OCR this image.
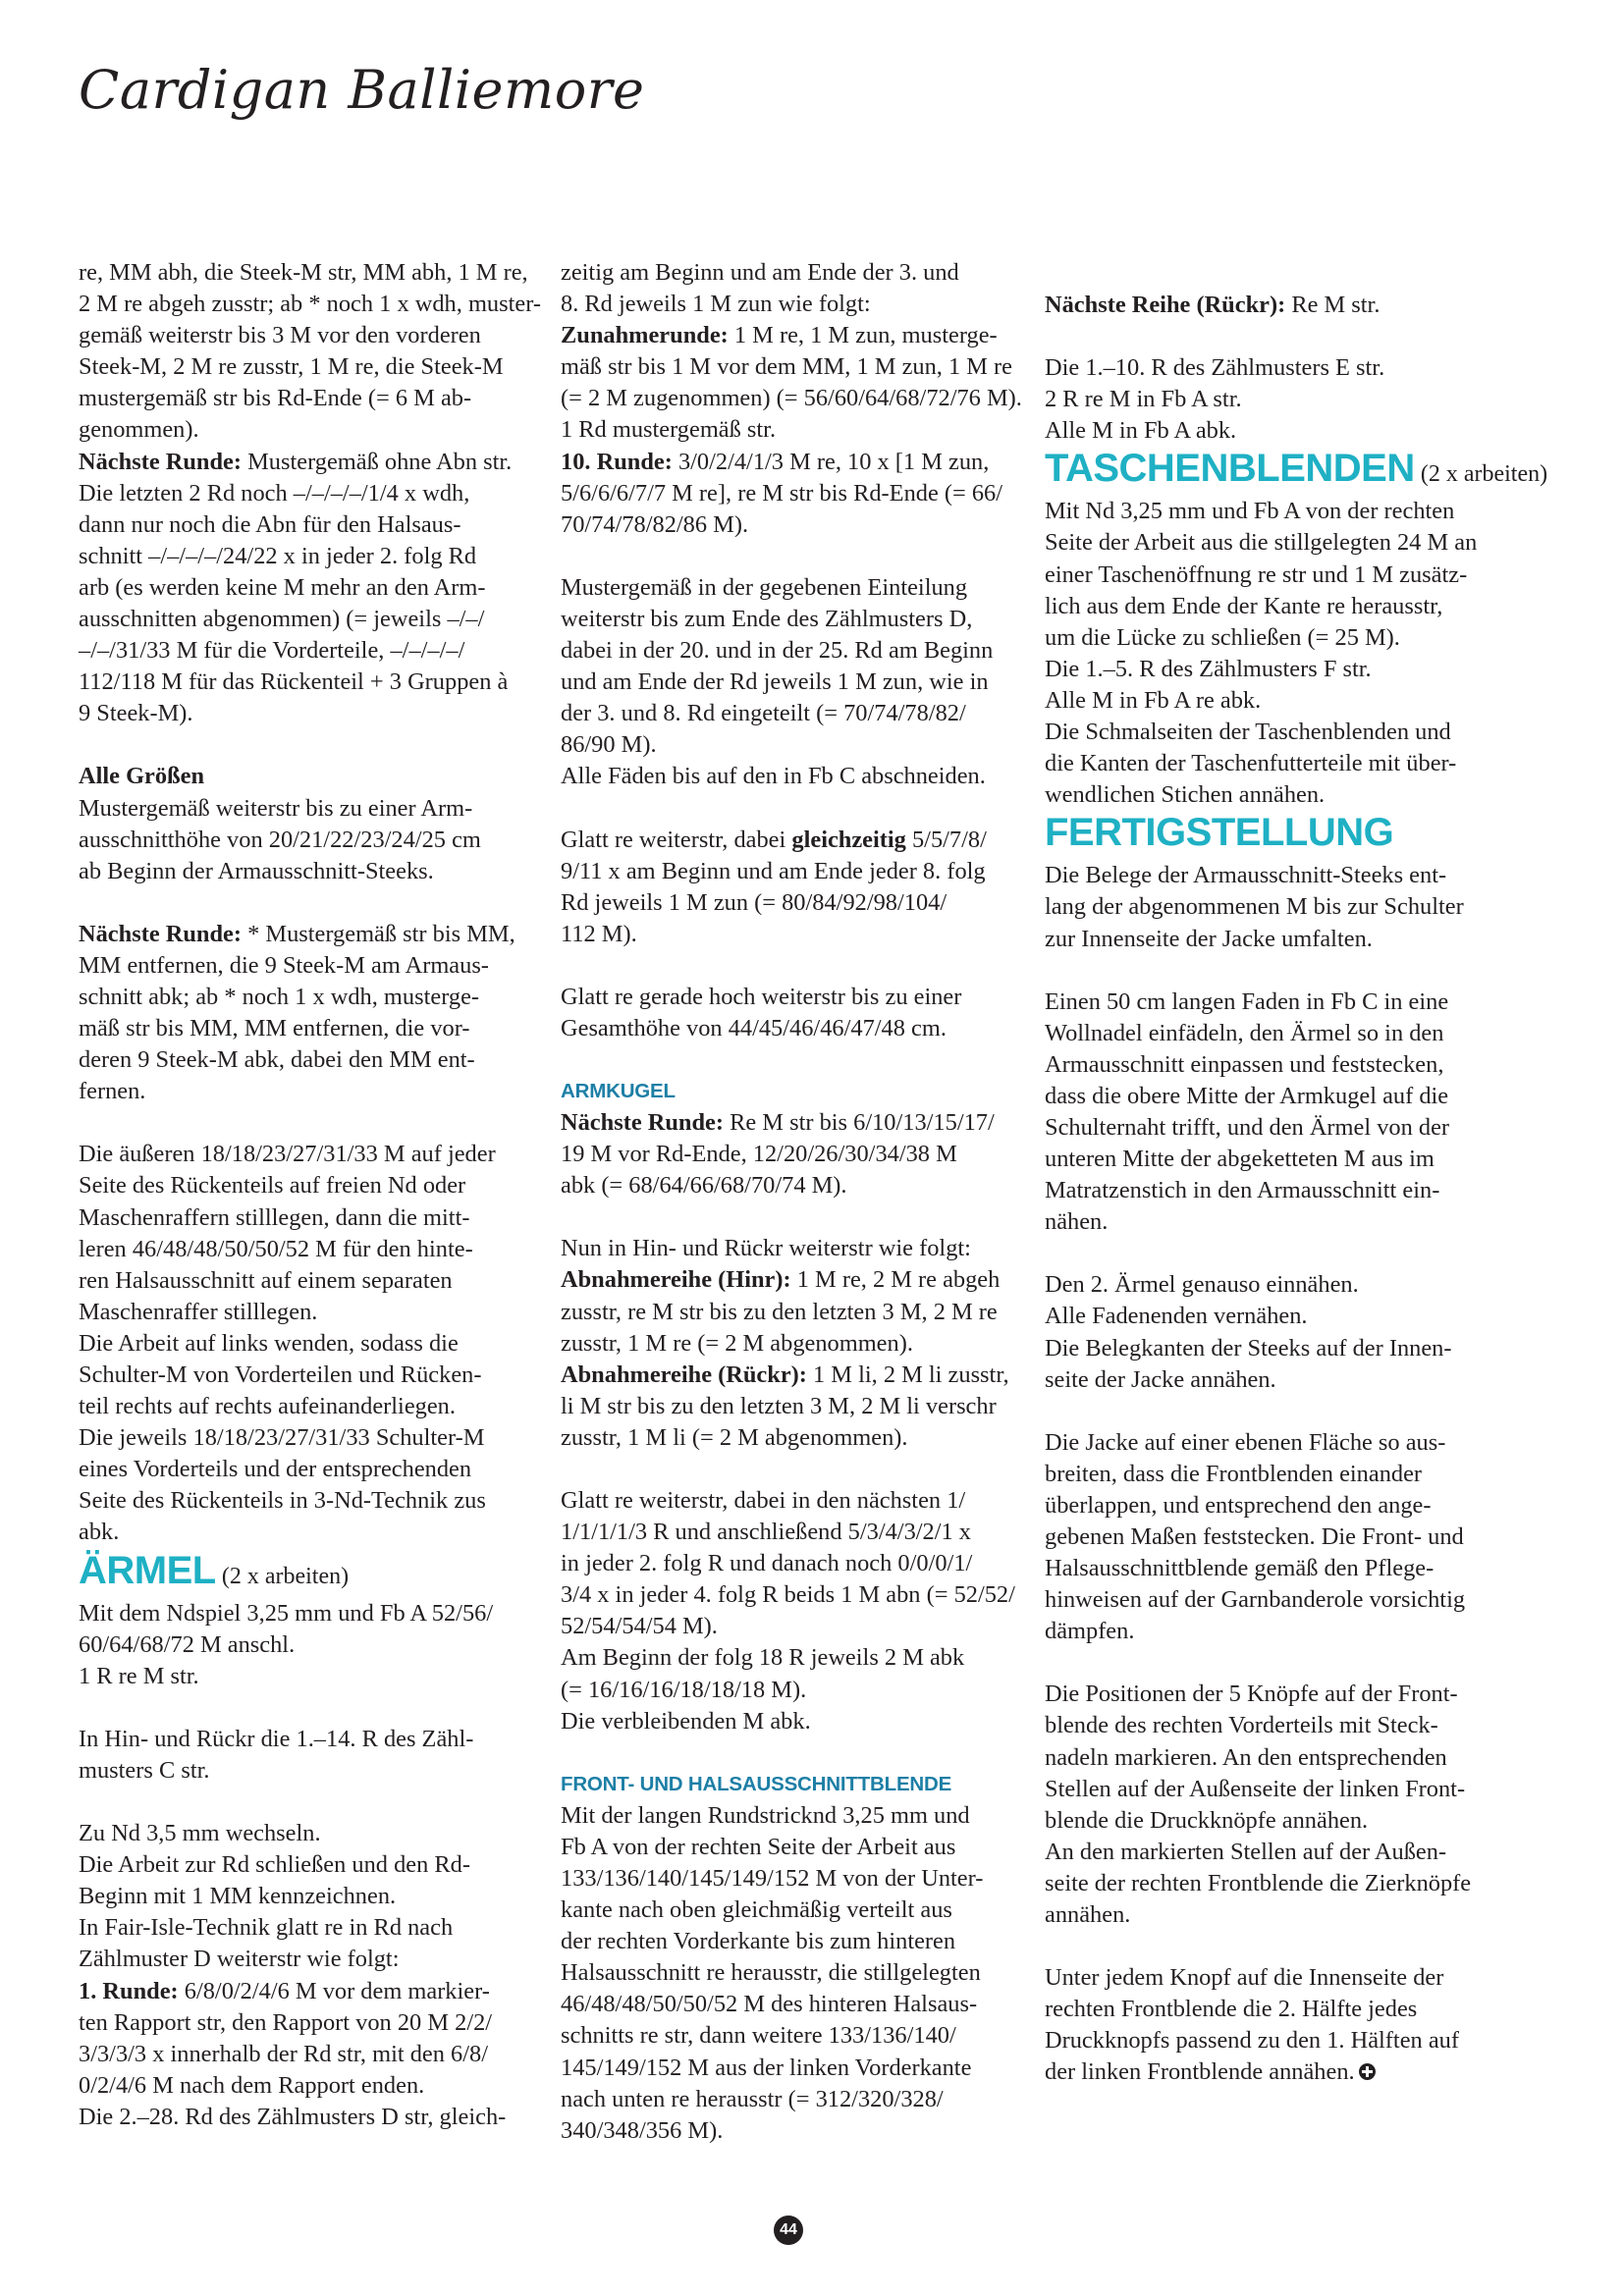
Cardigan Balliemore

re, MM abh, die Steek-M str, MM abh, 1 M re,
2 M re abgeh zusstr; ab * noch 1 x wdh, muster-
gemäß weiterstr bis 3 M vor den vorderen
Steek-M, 2 M re zusstr, 1 M re, die Steek-M
mustergemäß str bis Rd-Ende (= 6 M ab-
genommen).
Nächste Runde: Mustergemäß ohne Abn str.
Die letzten 2 Rd noch –/–/–/–/1/4 x wdh,
dann nur noch die Abn für den Halsaus-
schnitt –/–/–/–/24/22 x in jeder 2. folg Rd
arb (es werden keine M mehr an den Arm-
ausschnitten abgenommen) (= jeweils –/–/
–/–/31/33 M für die Vorderteile, –/–/–/–/
112/118 M für das Rückenteil + 3 Gruppen à
9 Steek-M).

Alle Größen
Mustergemäß weiterstr bis zu einer Arm-
ausschnitthöhe von 20/21/22/23/24/25 cm
ab Beginn der Armausschnitt-Steeks.

Nächste Runde: * Mustergemäß str bis MM,
MM entfernen, die 9 Steek-M am Armaus-
schnitt abk; ab * noch 1 x wdh, musterge-
mäß str bis MM, MM entfernen, die vor-
deren 9 Steek-M abk, dabei den MM ent-
fernen.

Die äußeren 18/18/23/27/31/33 M auf jeder
Seite des Rückenteils auf freien Nd oder
Maschenraffern stilllegen, dann die mitt-
leren 46/48/48/50/50/52 M für den hinte-
ren Halsausschnitt auf einem separaten
Maschenraffer stilllegen.
Die Arbeit auf links wenden, sodass die
Schulter-M von Vorderteilen und Rücken-
teil rechts auf rechts aufeinanderliegen.
Die jeweils 18/18/23/27/31/33 Schulter-M
eines Vorderteils und der entsprechenden
Seite des Rückenteils in 3-Nd-Technik zus
abk.

ÄRMEL (2 x arbeiten)

Mit dem Ndspiel 3,25 mm und Fb A 52/56/
60/64/68/72 M anschl.
1 R re M str.

In Hin- und Rückr die 1.–14. R des Zähl-
musters C str.

Zu Nd 3,5 mm wechseln.
Die Arbeit zur Rd schließen und den Rd-
Beginn mit 1 MM kennzeichnen.
In Fair-Isle-Technik glatt re in Rd nach
Zählmuster D weiterstr wie folgt:
1. Runde: 6/8/0/2/4/6 M vor dem markier-
ten Rapport str, den Rapport von 20 M 2/2/
3/3/3/3 x innerhalb der Rd str, mit den 6/8/
0/2/4/6 M nach dem Rapport enden.
Die 2.–28. Rd des Zählmusters D str, gleich-

zeitig am Beginn und am Ende der 3. und
8. Rd jeweils 1 M zun wie folgt:
Zunahmerunde: 1 M re, 1 M zun, musterge-
mäß str bis 1 M vor dem MM, 1 M zun, 1 M re
(= 2 M zugenommen) (= 56/60/64/68/72/76 M).
1 Rd mustergemäß str.
10. Runde: 3/0/2/4/1/3 M re, 10 x [1 M zun,
5/6/6/6/7/7 M re], re M str bis Rd-Ende (= 66/
70/74/78/82/86 M).

Mustergemäß in der gegebenen Einteilung
weiterstr bis zum Ende des Zählmusters D,
dabei in der 20. und in der 25. Rd am Beginn
und am Ende der Rd jeweils 1 M zun, wie in
der 3. und 8. Rd eingeteilt (= 70/74/78/82/
86/90 M).
Alle Fäden bis auf den in Fb C abschneiden.

Glatt re weiterstr, dabei gleichzeitig 5/5/7/8/
9/11 x am Beginn und am Ende jeder 8. folg
Rd jeweils 1 M zun (= 80/84/92/98/104/
112 M).

Glatt re gerade hoch weiterstr bis zu einer
Gesamthöhe von 44/45/46/46/47/48 cm.

ARMKUGEL

Nächste Runde: Re M str bis 6/10/13/15/17/
19 M vor Rd-Ende, 12/20/26/30/34/38 M
abk (= 68/64/66/68/70/74 M).

Nun in Hin- und Rückr weiterstr wie folgt:
Abnahmereihe (Hinr): 1 M re, 2 M re abgeh
zusstr, re M str bis zu den letzten 3 M, 2 M re
zusstr, 1 M re (= 2 M abgenommen).
Abnahmereihe (Rückr): 1 M li, 2 M li zusstr,
li M str bis zu den letzten 3 M, 2 M li verschr
zusstr, 1 M li (= 2 M abgenommen).

Glatt re weiterstr, dabei in den nächsten 1/
1/1/1/1/3 R und anschließend 5/3/4/3/2/1 x
in jeder 2. folg R und danach noch 0/0/0/1/
3/4 x in jeder 4. folg R beids 1 M abn (= 52/52/
52/54/54/54 M).
Am Beginn der folg 18 R jeweils 2 M abk
(= 16/16/16/18/18/18 M).
Die verbleibenden M abk.

FRONT- UND HALSAUSSCHNITTBLENDE

Mit der langen Rundstricknd 3,25 mm und
Fb A von der rechten Seite der Arbeit aus
133/136/140/145/149/152 M von der Unter-
kante nach oben gleichmäßig verteilt aus
der rechten Vorderkante bis zum hinteren
Halsausschnitt re herausstr, die stillgelegten
46/48/48/50/50/52 M des hinteren Halsaus-
schnitts re str, dann weitere 133/136/140/
145/149/152 M aus der linken Vorderkante
nach unten re herausstr (= 312/320/328/
340/348/356 M).

Nächste Reihe (Rückr): Re M str.

Die 1.–10. R des Zählmusters E str.
2 R re M in Fb A str.
Alle M in Fb A abk.

TASCHENBLENDEN (2 x arbeiten)

Mit Nd 3,25 mm und Fb A von der rechten
Seite der Arbeit aus die stillgelegten 24 M an
einer Taschenöffnung re str und 1 M zusätz-
lich aus dem Ende der Kante re herausstr,
um die Lücke zu schließen (= 25 M).
Die 1.–5. R des Zählmusters F str.
Alle M in Fb A re abk.
Die Schmalseiten der Taschenblenden und
die Kanten der Taschenfutterteile mit über-
wendlichen Stichen annähen.

FERTIGSTELLUNG

Die Belege der Armausschnitt-Steeks ent-
lang der abgenommenen M bis zur Schulter
zur Innenseite der Jacke umfalten.

Einen 50 cm langen Faden in Fb C in eine
Wollnadel einfädeln, den Ärmel so in den
Armausschnitt einpassen und feststecken,
dass die obere Mitte der Armkugel auf die
Schulternaht trifft, und den Ärmel von der
unteren Mitte der abgeketteten M aus im
Matratzenstich in den Armausschnitt ein-
nähen.

Den 2. Ärmel genauso einnähen.
Alle Fadenenden vernähen.
Die Belegkanten der Steeks auf der Innen-
seite der Jacke annähen.

Die Jacke auf einer ebenen Fläche so aus-
breiten, dass die Frontblenden einander
überlappen, und entsprechend den ange-
gebenen Maßen feststecken. Die Front- und
Halsausschnittblende gemäß den Pflege-
hinweisen auf der Garnbanderole vorsichtig
dämpfen.

Die Positionen der 5 Knöpfe auf der Front-
blende des rechten Vorderteils mit Steck-
nadeln markieren. An den entsprechenden
Stellen auf der Außenseite der linken Front-
blende die Druckknöpfe annähen.
An den markierten Stellen auf der Außen-
seite der rechten Frontblende die Zierknöpfe
annähen.

Unter jedem Knopf auf die Innenseite der
rechten Frontblende die 2. Hälfte jedes
Druckknopfs passend zu den 1. Hälften auf
der linken Frontblende annähen.

44
